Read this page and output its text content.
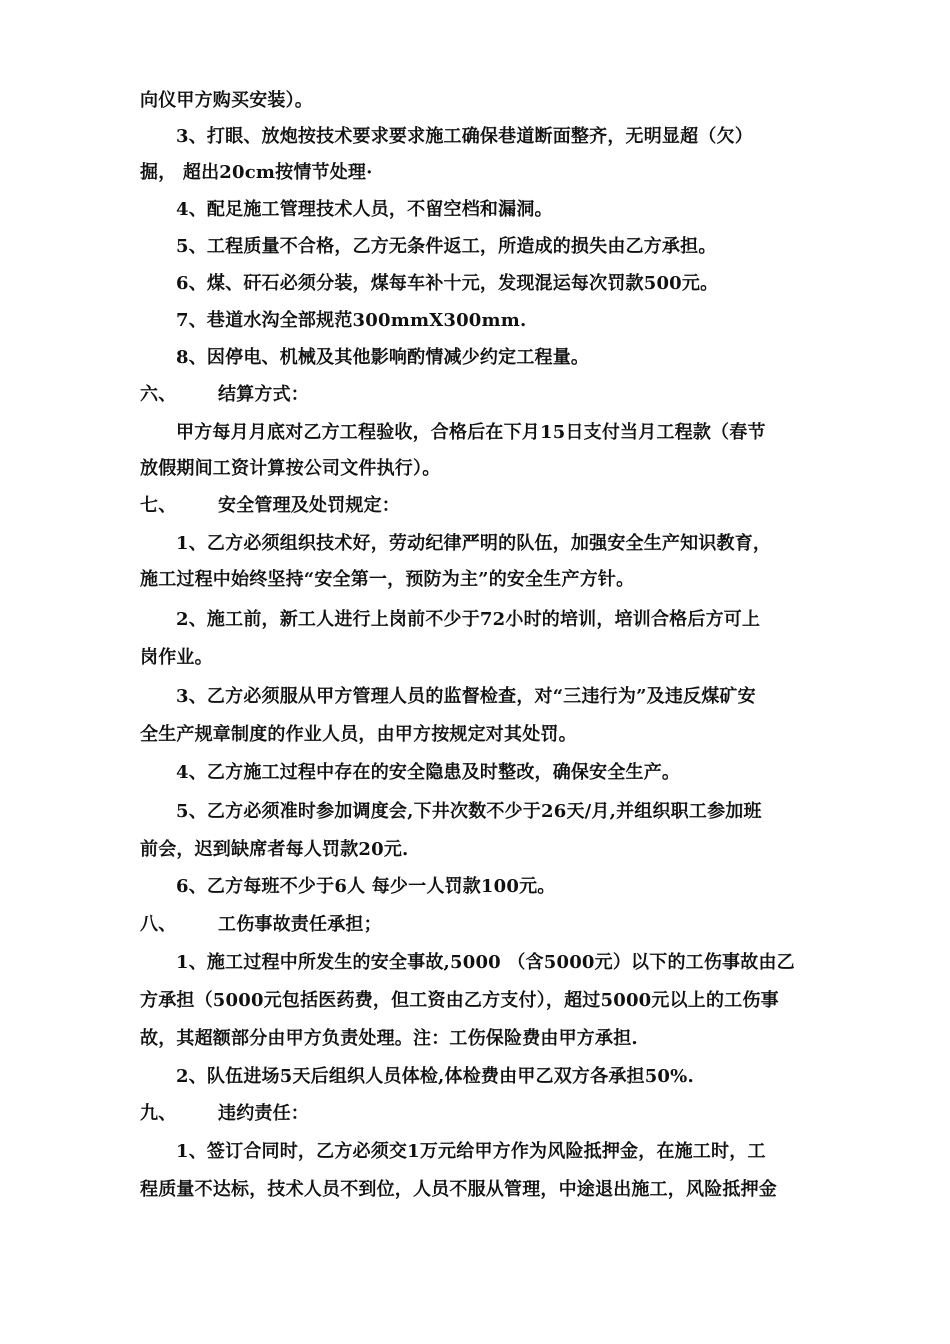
向仪甲方购买安装）。
3、打眼、放炮按技术要求要求施工确保巷道断面整齐，无明显超（欠）
掘， 超出20cm按情节处理·
4、配足施工管理技术人员，不留空档和漏洞。
5、工程质量不合格，乙方无条件返工，所造成的损失由乙方承担。
6、煤、矸石必须分装，煤每车补十元，发现混运每次罚款500元。
7、巷道水沟全部规范300mmX300mm.
8、因停电、机械及其他影响酌情减少约定工程量。
六、 结算方式：
甲方每月月底对乙方工程验收，合格后在下月15日支付当月工程款（春节
放假期间工资计算按公司文件执行）。
七、 安全管理及处罚规定：
1、乙方必须组织技术好，劳动纪律严明的队伍，加强安全生产知识教育，
施工过程中始终坚持“安全第一，预防为主”的安全生产方针。
2、施工前，新工人进行上岗前不少于72小时的培训，培训合格后方可上
岗作业。
3、乙方必须服从甲方管理人员的监督检查，对“三违行为”及违反煤矿安
全生产规章制度的作业人员，由甲方按规定对其处罚。
4、乙方施工过程中存在的安全隐患及时整改，确保安全生产。
5、乙方必须准时参加调度会,下井次数不少于26天/月,并组织职工参加班
前会，迟到缺席者每人罚款20元.
6、乙方每班不少于6人 每少一人罚款100元。
八、 工伤事故责任承担；
1、施工过程中所发生的安全事故,5000 （含5000元）以下的工伤事故由乙
方承担（5000元包括医药费，但工资由乙方支付），超过5000元以上的工伤事
故，其超额部分由甲方负责处理。注：工伤保险费由甲方承担.
2、队伍进场5天后组织人员体检,体检费由甲乙双方各承担50%.
九、 违约责任：
1、签订合同时，乙方必须交1万元给甲方作为风险抵押金，在施工时，工
程质量不达标，技术人员不到位，人员不服从管理，中途退出施工，风险抵押金
